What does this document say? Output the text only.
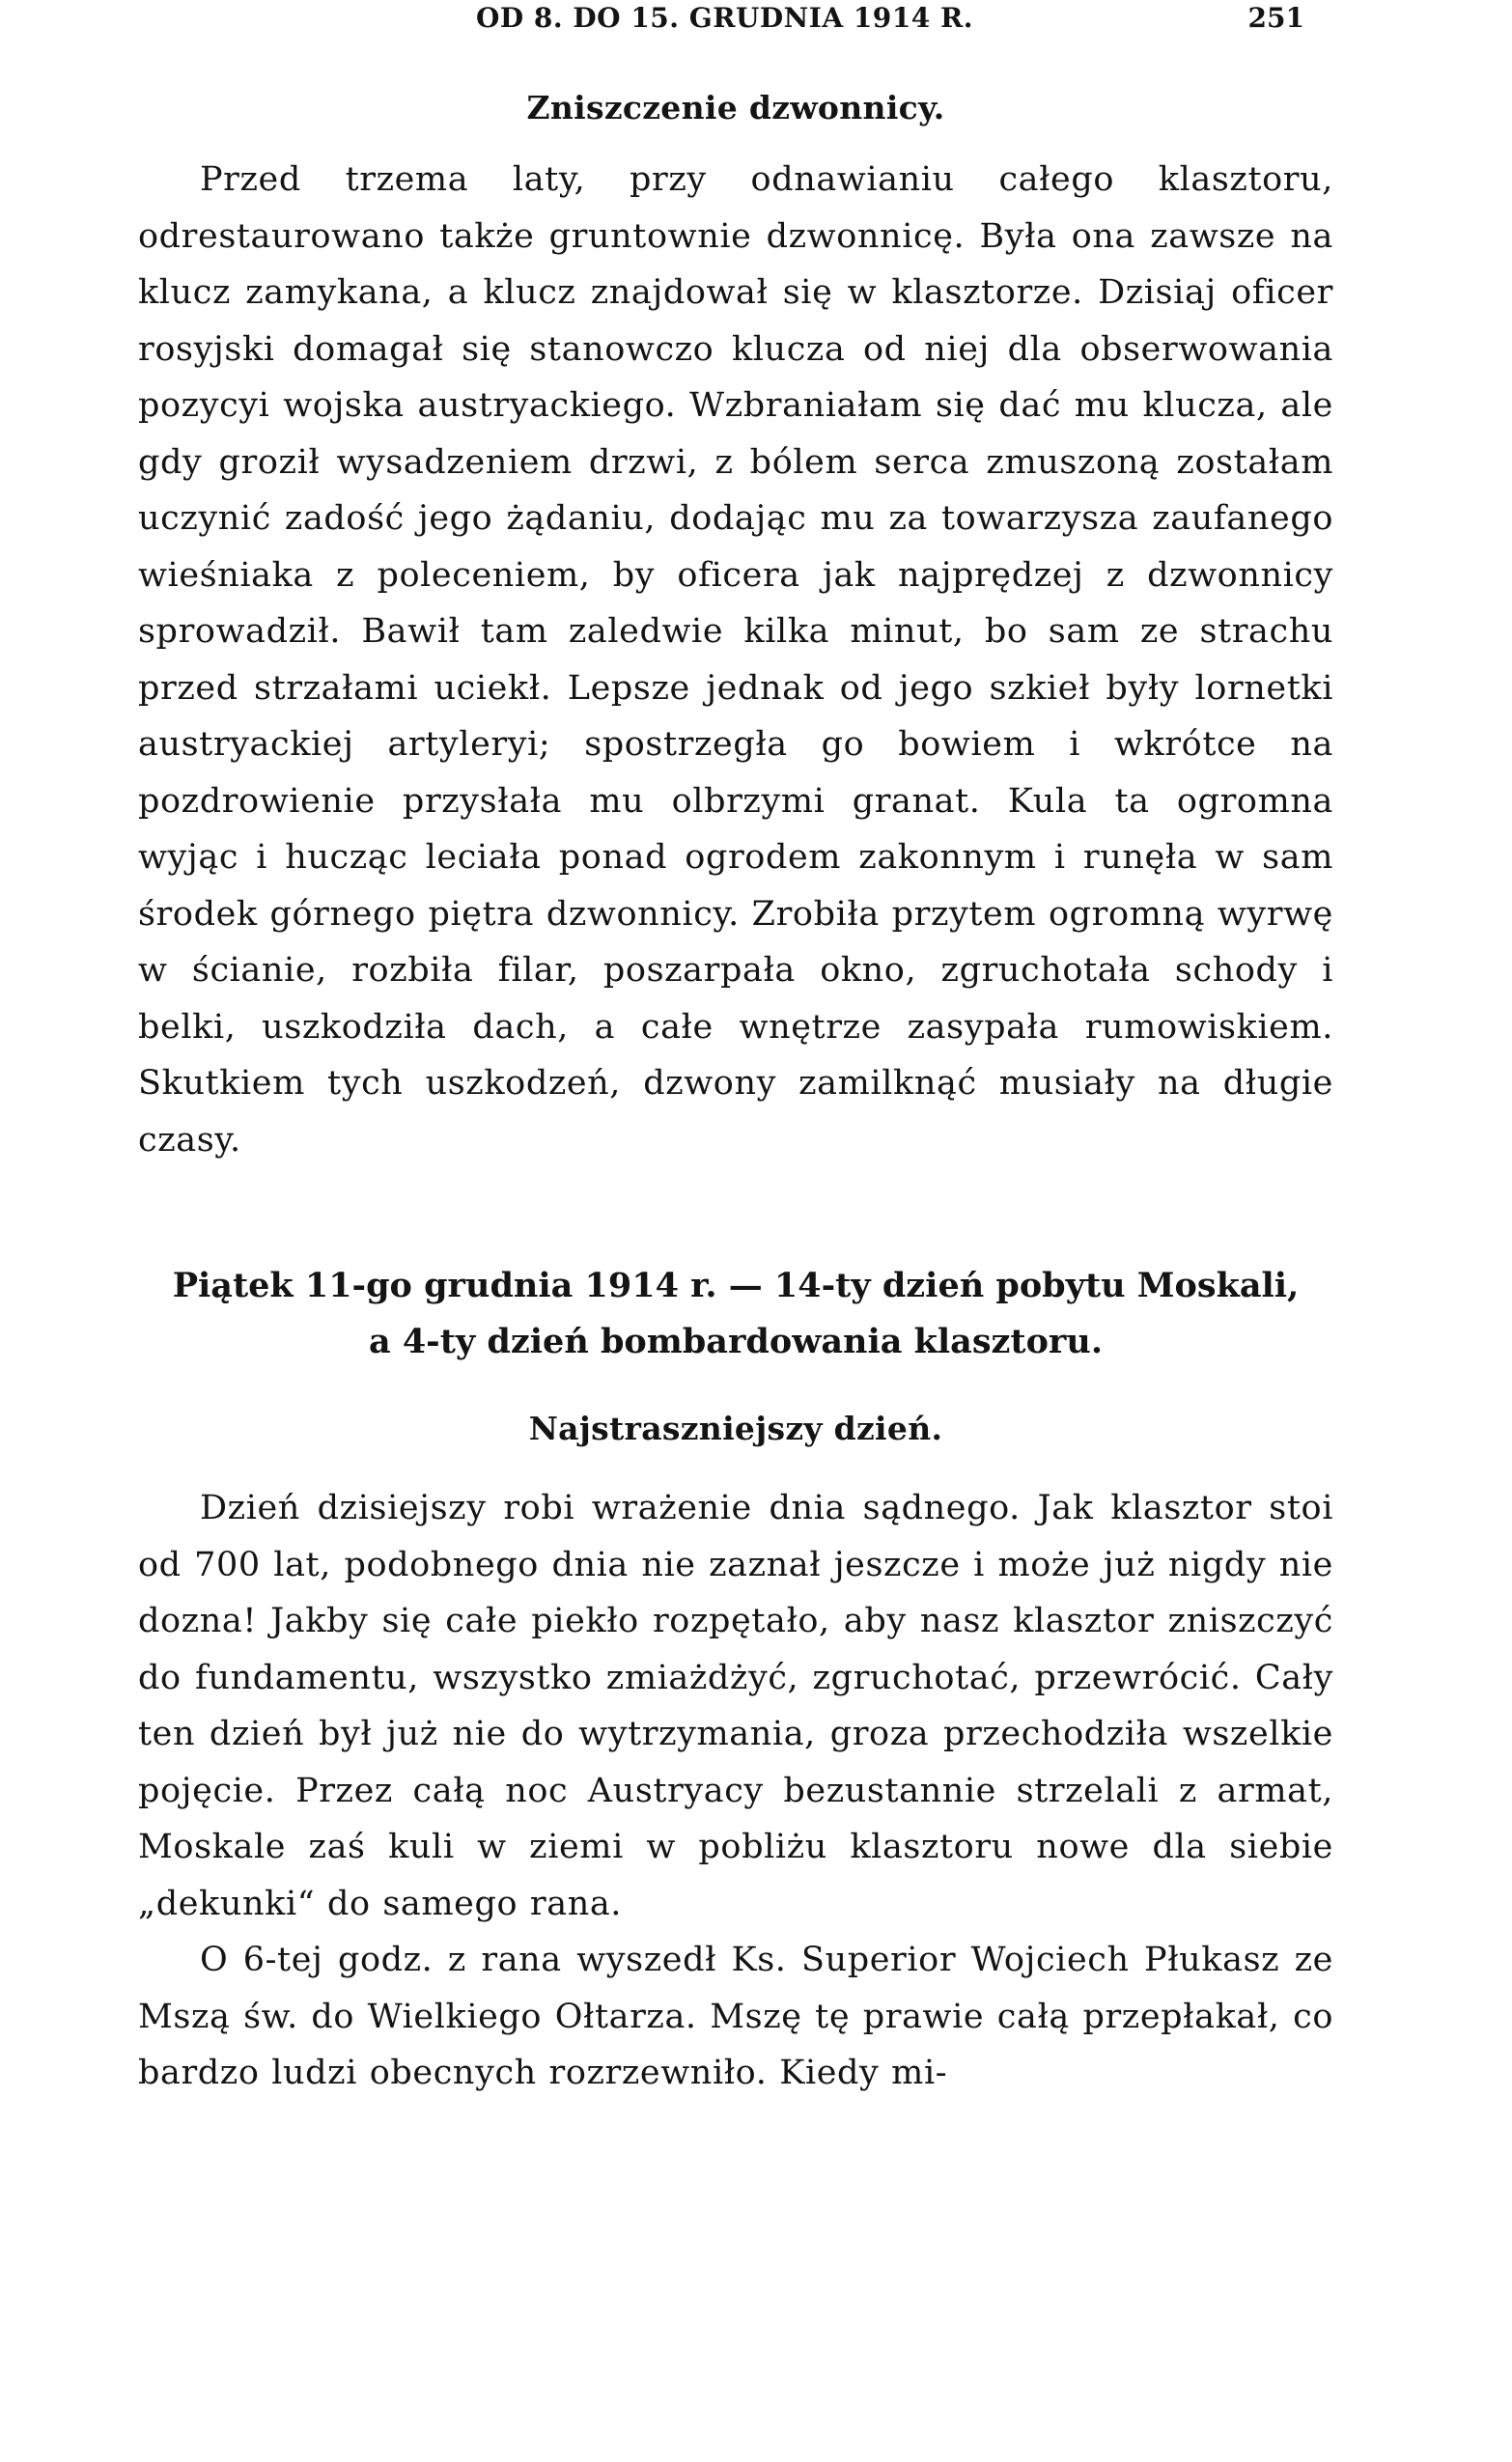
OD 8. DO 15. GRUDNIA 1914 R.	251
Zniszczenie dzwonnicy.

Przed trzema laty, przy odnawianiu całego klasztoru, odrestaurowano także gruntownie dzwonnicę. Była ona zawsze na klucz zamykana, a klucz znajdował się w klasztorze. Dzisiaj oficer rosyjski domagał się stanowczo klucza od niej dla obserwowania pozycyi wojska austryackiego. Wzbraniałam się dać mu klucza, ale gdy groził wysadzeniem drzwi, z bólem serca zmuszoną zostałam uczynić zadość jego żądaniu, dodając mu za towarzysza zaufanego wieśniaka z poleceniem, by oficera jak najprędzej z dzwonnicy sprowadził. Bawił tam zaledwie kilka minut, bo sam ze strachu przed strzałami uciekł. Lepsze jednak od jego szkieł były lornetki austryackiej artyleryi; spostrzegła go bowiem i wkrótce na pozdrowienie przysłała mu olbrzymi granat. Kula ta ogromna wyjąc i hucząc leciała ponad ogrodem zakonnym i runęła w sam środek górnego piętra dzwonnicy. Zrobiła przytem ogromną wyrwę w ścianie, rozbiła filar, poszarpała okno, zgruchotała schody i belki, uszkodziła dach, a całe wnętrze zasypała rumowiskiem. Skutkiem tych uszkodzeń, dzwony zamilknąć musiały na długie czasy.

Piątek 11-go grudnia 1914 r. — 14-ty dzień pobytu Moskali,
a 4-ty dzień bombardowania klasztoru.
Najstraszniejszy dzień.

Dzień dzisiejszy robi wrażenie dnia sądnego. Jak klasztor stoi od 700 lat, podobnego dnia nie zaznał jeszcze i może już nigdy nie dozna! Jakby się całe piekło rozpętało, aby nasz klasztor zniszczyć do fundamentu, wszystko zmiażdżyć, zgruchotać, przewrócić. Cały ten dzień był już nie do wytrzymania, groza przechodziła wszelkie pojęcie. Przez całą noc Austryacy bezustannie strzelali z armat, Moskale zaś kuli w ziemi w pobliżu klasztoru nowe dla siebie „dekunki“ do samego rana.

O 6-tej godz. z rana wyszedł Ks. Superior Wojciech Płukasz ze Mszą św. do Wielkiego Ołtarza. Mszę tę prawie całą przepłakał, co bardzo ludzi obecnych rozrzewniło. Kiedy mi-
